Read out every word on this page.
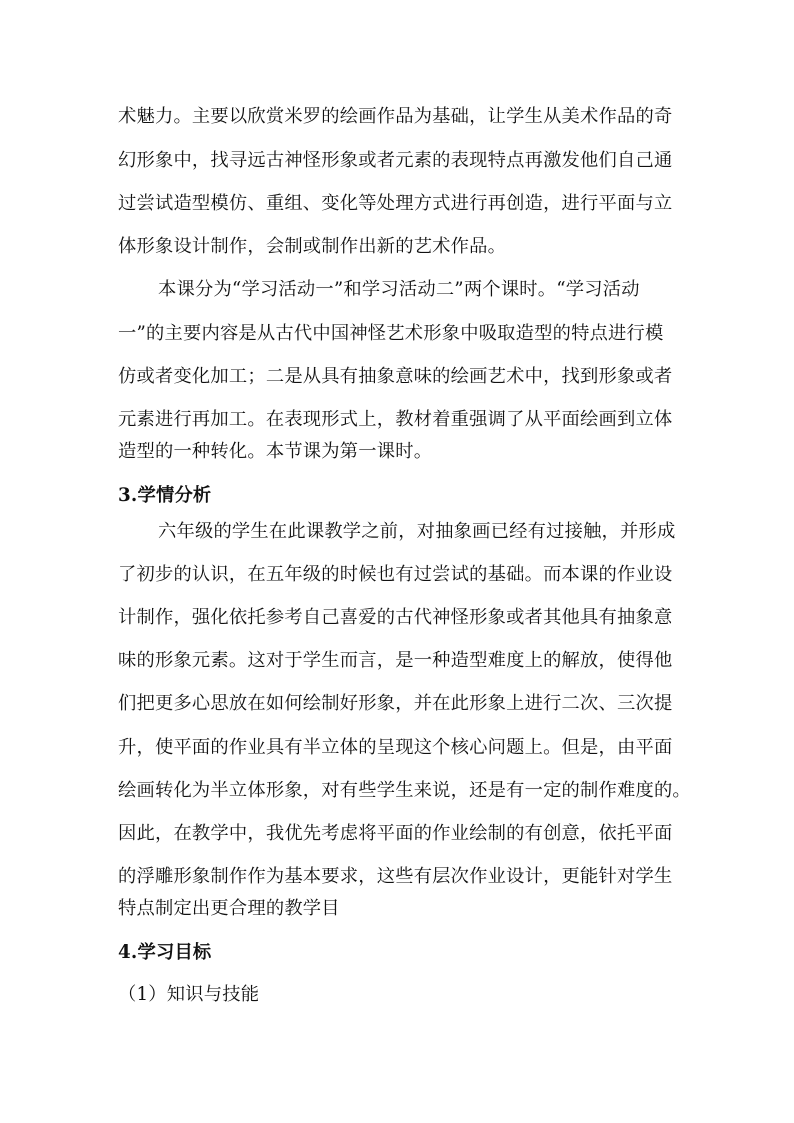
术魅力。主要以欣赏米罗的绘画作品为基础，让学生从美术作品的奇
幻形象中，找寻远古神怪形象或者元素的表现特点再激发他们自己通
过尝试造型模仿、重组、变化等处理方式进行再创造，进行平面与立
体形象设计制作，会制或制作出新的艺术作品。
本课分为“学习活动一”和学习活动二”两个课时。“学习活动
一”的主要内容是从古代中国神怪艺术形象中吸取造型的特点进行模
仿或者变化加工；二是从具有抽象意味的绘画艺术中，找到形象或者
元素进行再加工。在表现形式上，教材着重强调了从平面绘画到立体
造型的一种转化。本节课为第一课时。
3.学情分析
六年级的学生在此课教学之前，对抽象画已经有过接触，并形成
了初步的认识，在五年级的时候也有过尝试的基础。而本课的作业设
计制作，强化依托参考自己喜爱的古代神怪形象或者其他具有抽象意
味的形象元素。这对于学生而言，是一种造型难度上的解放，使得他
们把更多心思放在如何绘制好形象，并在此形象上进行二次、三次提
升，使平面的作业具有半立体的呈现这个核心问题上。但是，由平面
绘画转化为半立体形象，对有些学生来说，还是有一定的制作难度的。
因此，在教学中，我优先考虑将平面的作业绘制的有创意，依托平面
的浮雕形象制作作为基本要求，这些有层次作业设计，更能针对学生
特点制定出更合理的教学目
4.学习目标
（1）知识与技能
